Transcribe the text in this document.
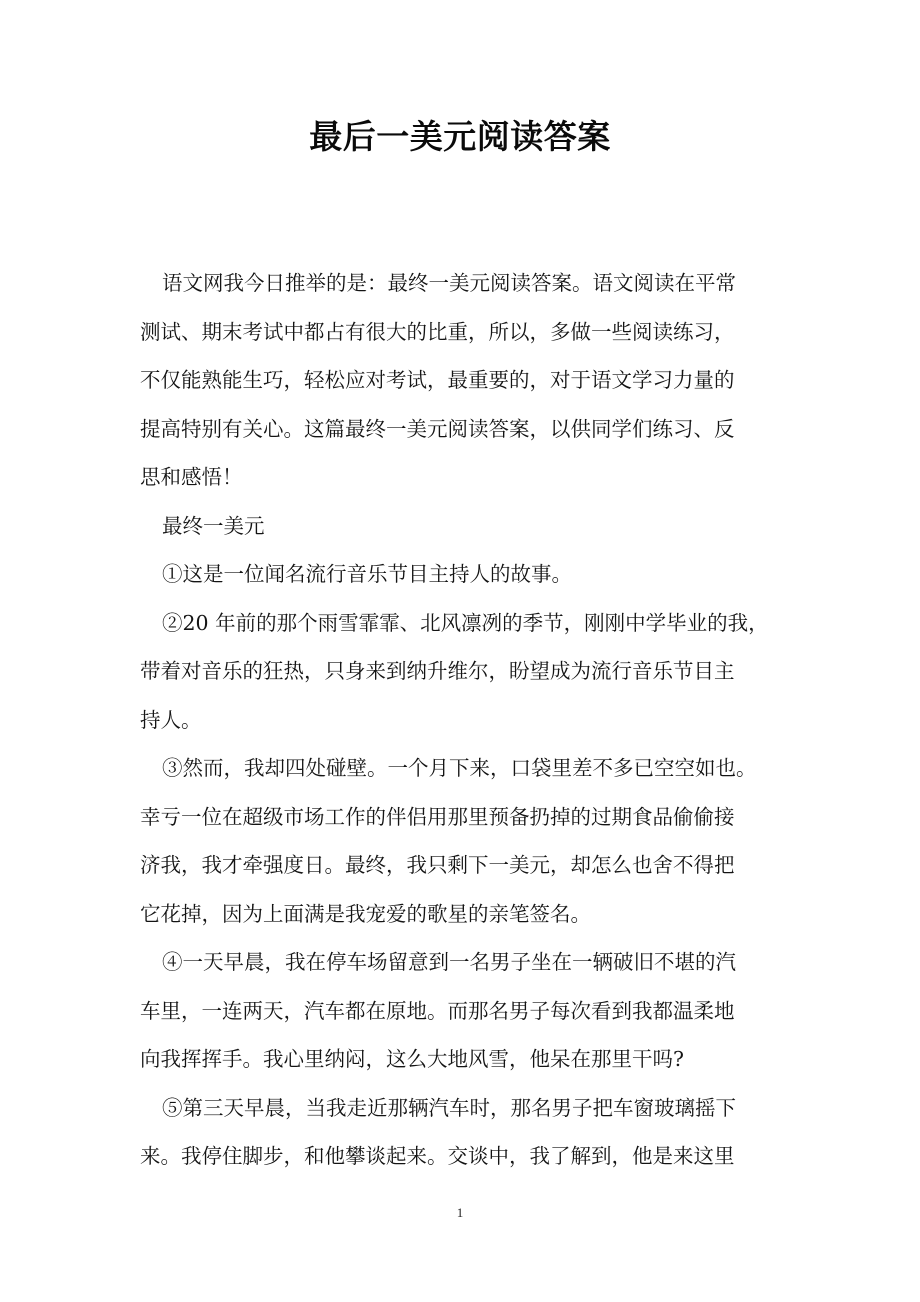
最后一美元阅读答案
语文网我今日推举的是：最终一美元阅读答案。语文阅读在平常
测试、期末考试中都占有很大的比重，所以，多做一些阅读练习，
不仅能熟能生巧，轻松应对考试，最重要的，对于语文学习力量的
提高特别有关心。这篇最终一美元阅读答案，以供同学们练习、反
思和感悟！
最终一美元
①这是一位闻名流行音乐节目主持人的故事。
②20 年前的那个雨雪霏霏、北风凛冽的季节，刚刚中学毕业的我，
带着对音乐的狂热，只身来到纳升维尔，盼望成为流行音乐节目主
持人。
③然而，我却四处碰壁。一个月下来，口袋里差不多已空空如也。
幸亏一位在超级市场工作的伴侣用那里预备扔掉的过期食品偷偷接
济我，我才牵强度日。最终，我只剩下一美元，却怎么也舍不得把
它花掉，因为上面满是我宠爱的歌星的亲笔签名。
④一天早晨，我在停车场留意到一名男子坐在一辆破旧不堪的汽
车里，一连两天，汽车都在原地。而那名男子每次看到我都温柔地
向我挥挥手。我心里纳闷，这么大地风雪，他呆在那里干吗?
⑤第三天早晨，当我走近那辆汽车时，那名男子把车窗玻璃摇下
来。我停住脚步，和他攀谈起来。交谈中，我了解到，他是来这里
1
